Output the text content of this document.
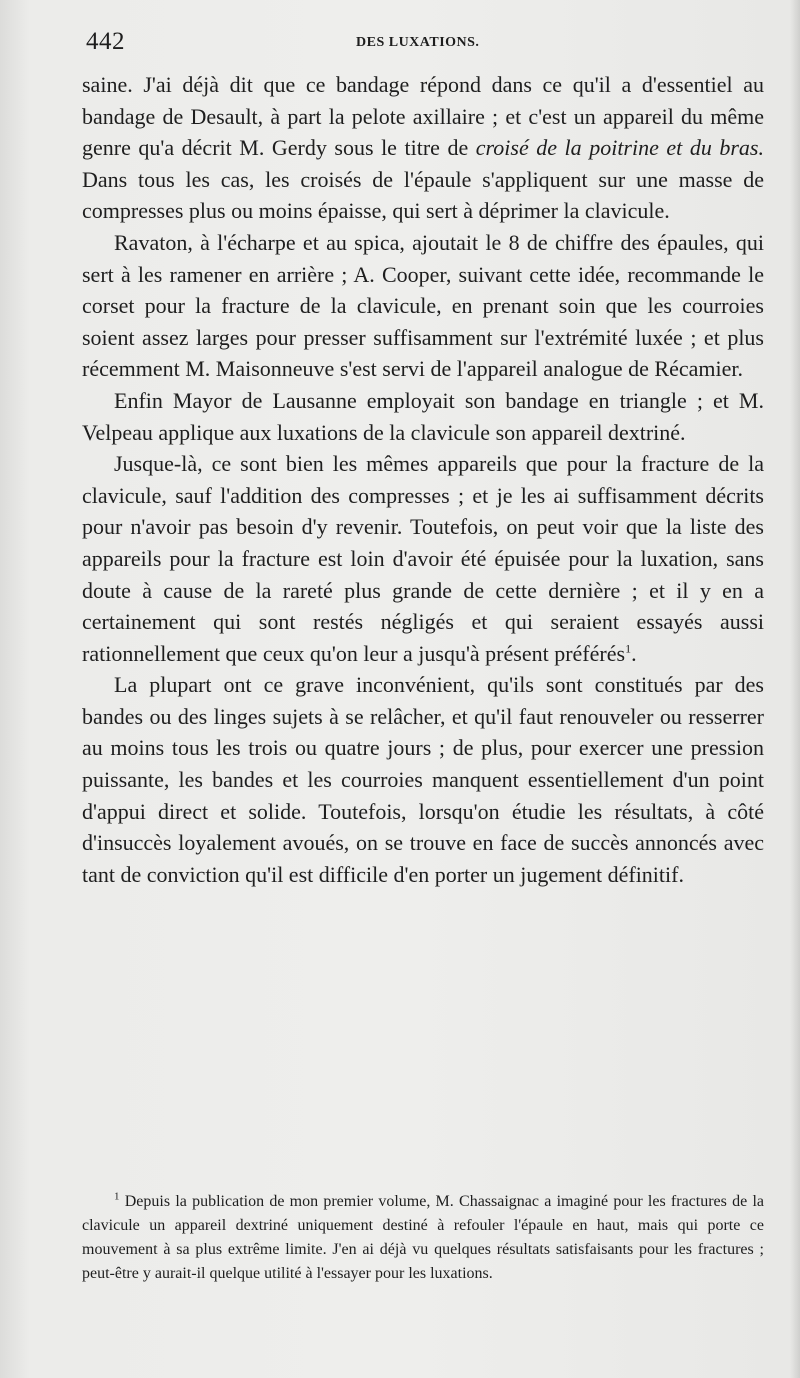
442	DES LUXATIONS.

saine. J'ai déjà dit que ce bandage répond dans ce qu'il a d'essentiel au bandage de Desault, à part la pelote axillaire ; et c'est un appareil du même genre qu'a décrit M. Gerdy sous le titre de croisé de la poitrine et du bras. Dans tous les cas, les croisés de l'épaule s'appliquent sur une masse de compresses plus ou moins épaisse, qui sert à déprimer la clavicule.

Ravaton, à l'écharpe et au spica, ajoutait le 8 de chiffre des épaules, qui sert à les ramener en arrière ; A. Cooper, suivant cette idée, recommande le corset pour la fracture de la clavicule, en prenant soin que les courroies soient assez larges pour presser suffisamment sur l'extrémité luxée ; et plus récemment M. Maisonneuve s'est servi de l'appareil analogue de Récamier.

Enfin Mayor de Lausanne employait son bandage en triangle ; et M. Velpeau applique aux luxations de la clavicule son appareil dextriné.

Jusque-là, ce sont bien les mêmes appareils que pour la fracture de la clavicule, sauf l'addition des compresses ; et je les ai suffisamment décrits pour n'avoir pas besoin d'y revenir. Toutefois, on peut voir que la liste des appareils pour la fracture est loin d'avoir été épuisée pour la luxation, sans doute à cause de la rareté plus grande de cette dernière ; et il y en a certainement qui sont restés négligés et qui seraient essayés aussi rationnellement que ceux qu'on leur a jusqu'à présent préférés$^1$.

La plupart ont ce grave inconvénient, qu'ils sont constitués par des bandes ou des linges sujets à se relâcher, et qu'il faut renouveler ou resserrer au moins tous les trois ou quatre jours ; de plus, pour exercer une pression puissante, les bandes et les courroies manquent essentiellement d'un point d'appui direct et solide. Toutefois, lorsqu'on étudie les résultats, à côté d'insuccès loyalement avoués, on se trouve en face de succès annoncés avec tant de conviction qu'il est difficile d'en porter un jugement définitif.

$^1$ Depuis la publication de mon premier volume, M. Chassaignac a imaginé pour les fractures de la clavicule un appareil dextriné uniquement destiné à refouler l'épaule en haut, mais qui porte ce mouvement à sa plus extrême limite. J'en ai déjà vu quelques résultats satisfaisants pour les fractures ; peut-être y aurait-il quelque utilité à l'essayer pour les luxations.
